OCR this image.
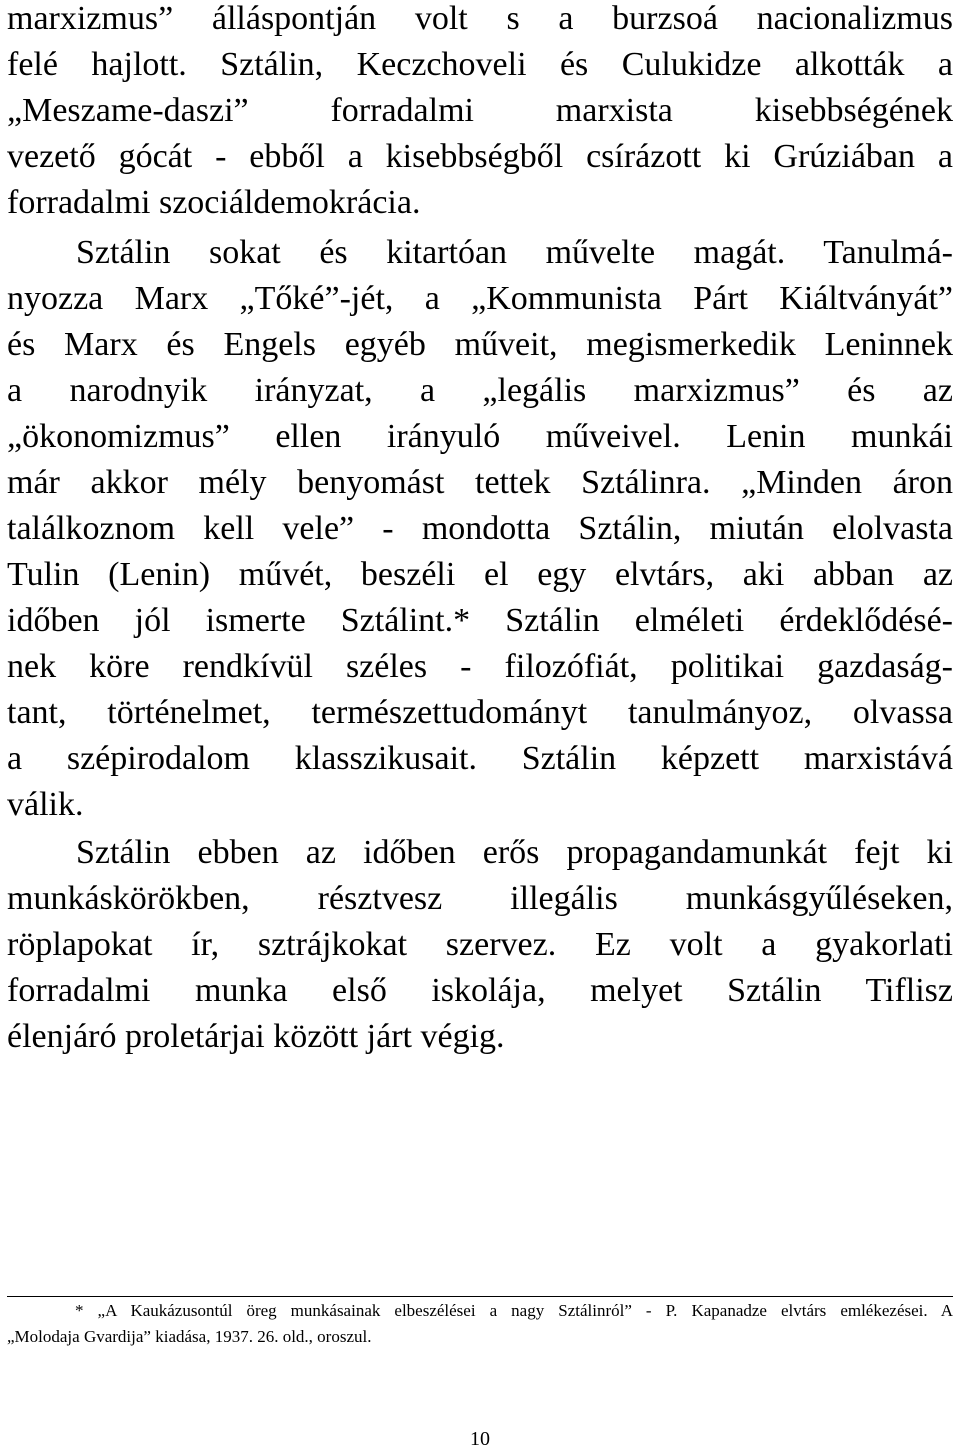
marxizmus” álláspontján volt s a burzsoá nacionalizmus
felé hajlott. Sztálin, Keczchoveli és Culukidze alkották a
„Meszame-daszi” forradalmi marxista kisebbségének
vezető gócát - ebből a kisebbségből csírázott ki Grúziában a
forradalmi szociáldemokrácia.
Sztálin sokat és kitartóan művelte magát. Tanulmá-
nyozza Marx „Tőké”-jét, a „Kommunista Párt Kiáltványát”
és Marx és Engels egyéb műveit, megismerkedik Leninnek
a narodnyik irányzat, a „legális marxizmus” és az
„ökonomizmus” ellen irányuló műveivel. Lenin munkái
már akkor mély benyomást tettek Sztálinra. „Minden áron
találkoznom kell vele” - mondotta Sztálin, miután elolvasta
Tulin (Lenin) művét, beszéli el egy elvtárs, aki abban az
időben jól ismerte Sztálint.* Sztálin elméleti érdeklődésé-
nek köre rendkívül széles - filozófiát, politikai gazdaság-
tant, történelmet, természettudományt tanulmányoz, olvassa
a szépirodalom klasszikusait. Sztálin képzett marxistává
válik.
Sztálin ebben az időben erős propagandamunkát fejt ki
munkáskörökben, résztvesz illegális munkásgyűléseken,
röplapokat ír, sztrájkokat szervez. Ez volt a gyakorlati
forradalmi munka első iskolája, melyet Sztálin Tiflisz
élenjáró proletárjai között járt végig.
* „A Kaukázusontúl öreg munkásainak elbeszélései a nagy Sztálinról” - P. Kapanadze elvtárs emlékezései. A
„Molodaja Gvardija” kiadása, 1937. 26. old., oroszul.
10
